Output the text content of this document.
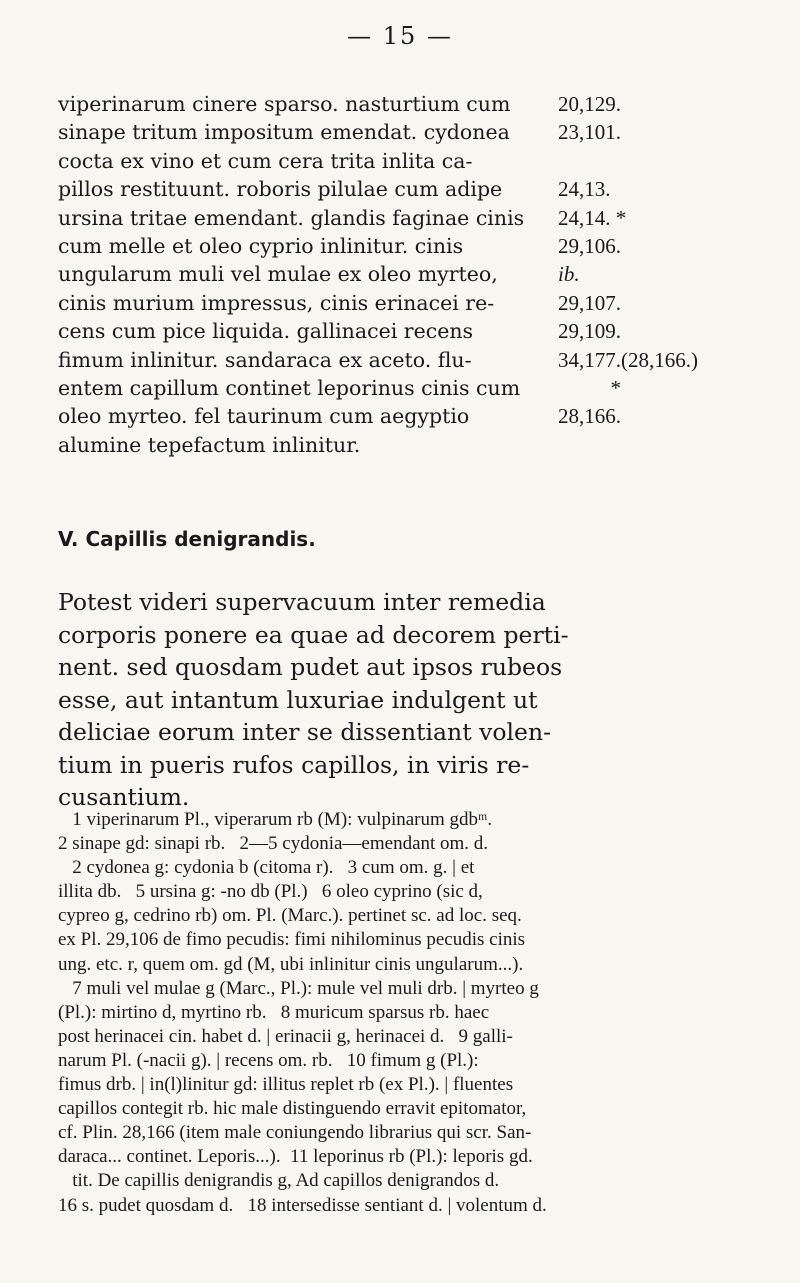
— 15 —
viperinarum cinere sparso. nasturtium cum 20,129.
sinape tritum impositum emendat. cydonea 23,101.
cocta ex vino et cum cera trita inlita ca-
pillos restituunt. roboris pilulae cum adipe	24,13.
ursina tritae emendant. glandis faginae cinis 24,14. *
cum melle et oleo cyprio inlinitur. cinis	29,106.
ungularum muli vel mulae ex oleo myrteo,	ib.
cinis murium impressus, cinis erinacei re-	29,107.
cens cum pice liquida. gallinacei recens	29,109.
fimum inlinitur. sandaraca ex aceto. flu-	34,177.(28,166.)
entem capillum continet leporinus cinis cum *
oleo myrteo. fel taurinum cum aegyptio	28,166.
alumine tepefactum inlinitur.
V. Capillis denigrandis.
Potest videri supervacuum inter remedia
corporis ponere ea quae ad decorem perti-
nent. sed quosdam pudet aut ipsos rubeos
esse, aut intantum luxuriae indulgent ut
deliciae eorum inter se dissentiant volen-
tium in pueris rufos capillos, in viris re-
cusantium.
1 viperinarum Pl., viperarum rb (M): vulpinarum gdbᵐ.
2 sinape gd: sinapi rb.   2—5 cydonia—emendant om. d.
2 cydonea g: cydonia b (citoma r).   3 cum om. g. | et
illita db.   5 ursina g: -no db (Pl.)   6 oleo cyprino (sic d,
cypreo g, cedrino rb) om. Pl. (Marc.). pertinet sc. ad loc. seq.
ex Pl. 29,106 de fimo pecudis: fimi nihilominus pecudis cinis
ung. etc. r, quem om. gd (M, ubi inlinitur cinis ungularum...).
7 muli vel mulae g (Marc., Pl.): mule vel muli drb. | myrteo g
(Pl.): mirtino d, myrtino rb.   8 muricum sparsus rb. haec
post herinacei cin. habet d. | erinacii g, herinacei d.   9 galli-
narum Pl. (-nacii g). | recens om. rb.   10 fimum g (Pl.):
fimus drb. | in(l)linitur gd: illitus replet rb (ex Pl.). | fluentes
capillos contegit rb. hic male distinguendo erravit epitomator,
cf. Plin. 28,166 (item male coniungendo librarius qui scr. San-
daraca... continet. Leporis...).  11 leporinus rb (Pl.): leporis gd.
tit. De capillis denigrandis g, Ad capillos denigrandos d.
16 s. pudet quosdam d.   18 intersedisse sentiant d. | volentum d.
